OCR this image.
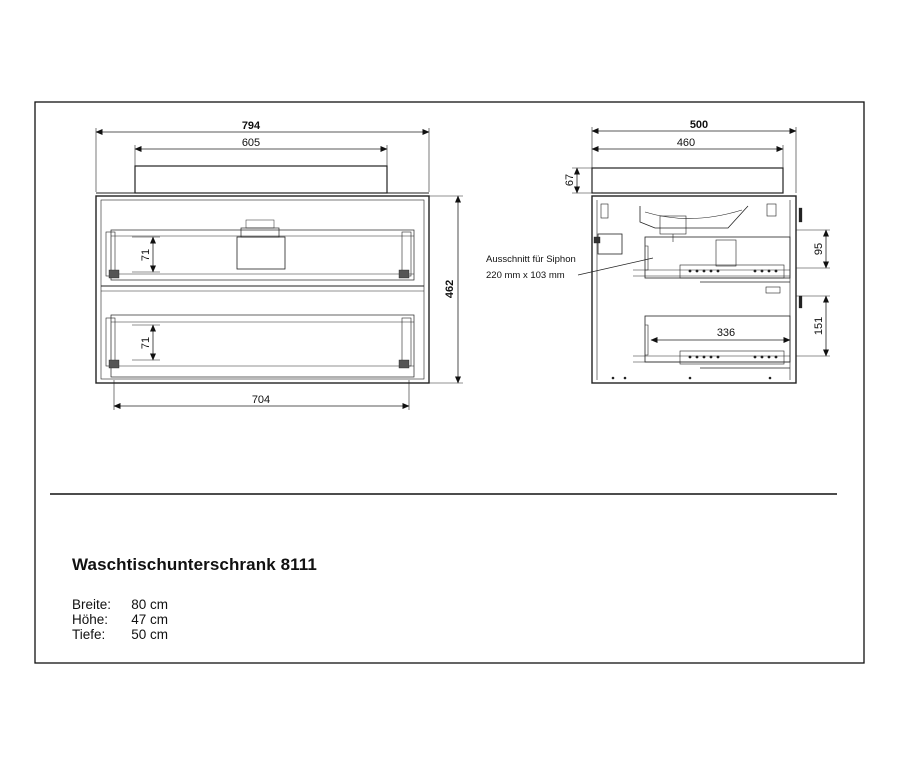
794
605
71
71
462
704
500
460
67
95
151
336
Ausschnitt für Siphon
220 mm x 103 mm
Waschtischunterschrank 8111
Breite: 80 cm
Höhe: 47 cm
Tiefe: 50 cm
